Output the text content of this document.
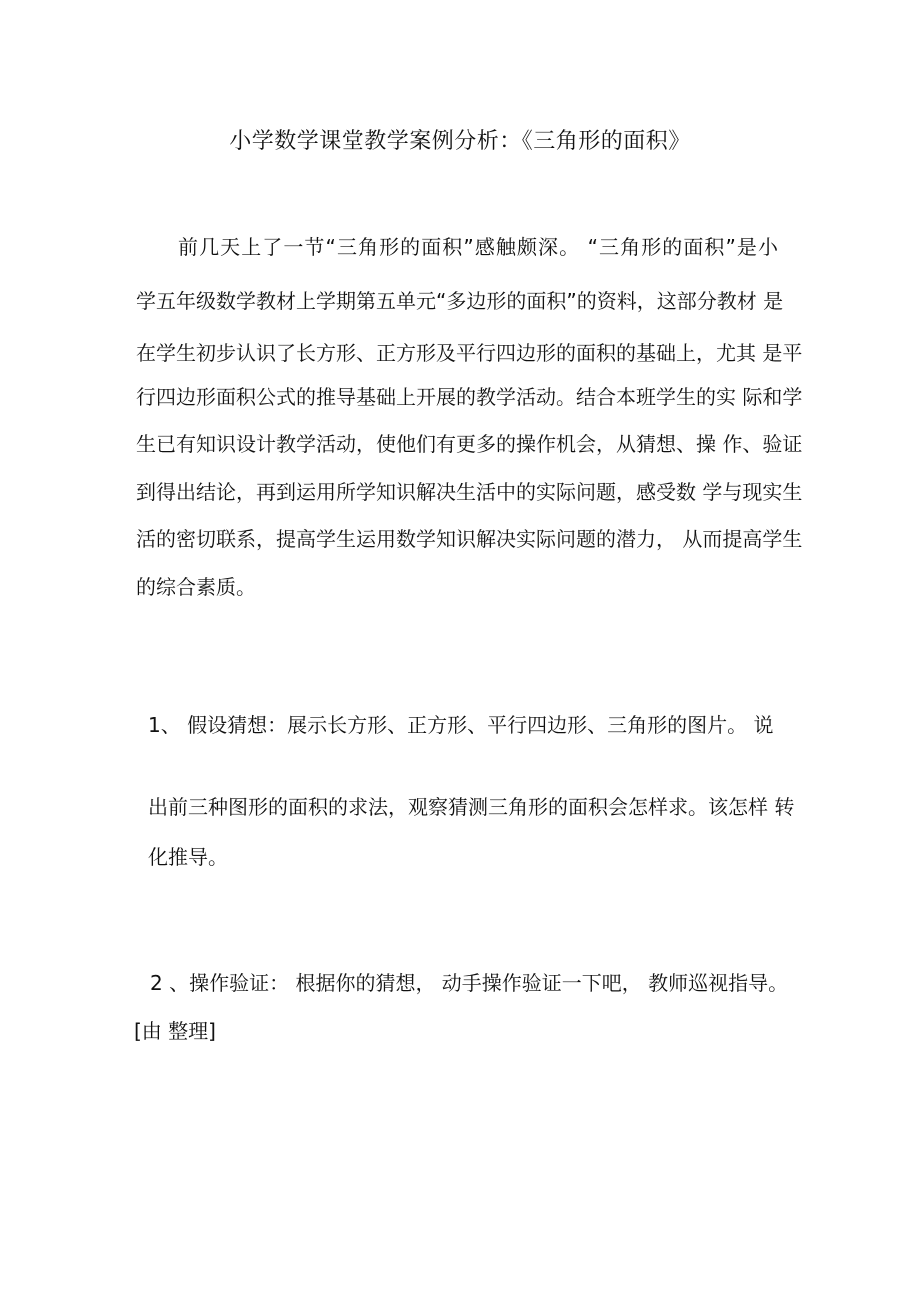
小学数学课堂教学案例分析：《三角形的面积》
前几天上了一节“三角形的面积”感触颇深。 “三角形的面积”是小
学五年级数学教材上学期第五单元“多边形的面积”的资料，这部分教材 是
在学生初步认识了长方形、正方形及平行四边形的面积的基础上，尤其 是平
行四边形面积公式的推导基础上开展的教学活动。结合本班学生的实 际和学
生已有知识设计教学活动，使他们有更多的操作机会，从猜想、操 作、验证
到得出结论，再到运用所学知识解决生活中的实际问题，感受数 学与现实生
活的密切联系，提高学生运用数学知识解决实际问题的潜力， 从而提高学生
的综合素质。
1、 假设猜想：展示长方形、正方形、平行四边形、三角形的图片。 说
出前三种图形的面积的求法，观察猜测三角形的面积会怎样求。该怎样 转
化推导。
2 、操作验证： 根据你的猜想， 动手操作验证一下吧， 教师巡视指导。
[由 整理]
